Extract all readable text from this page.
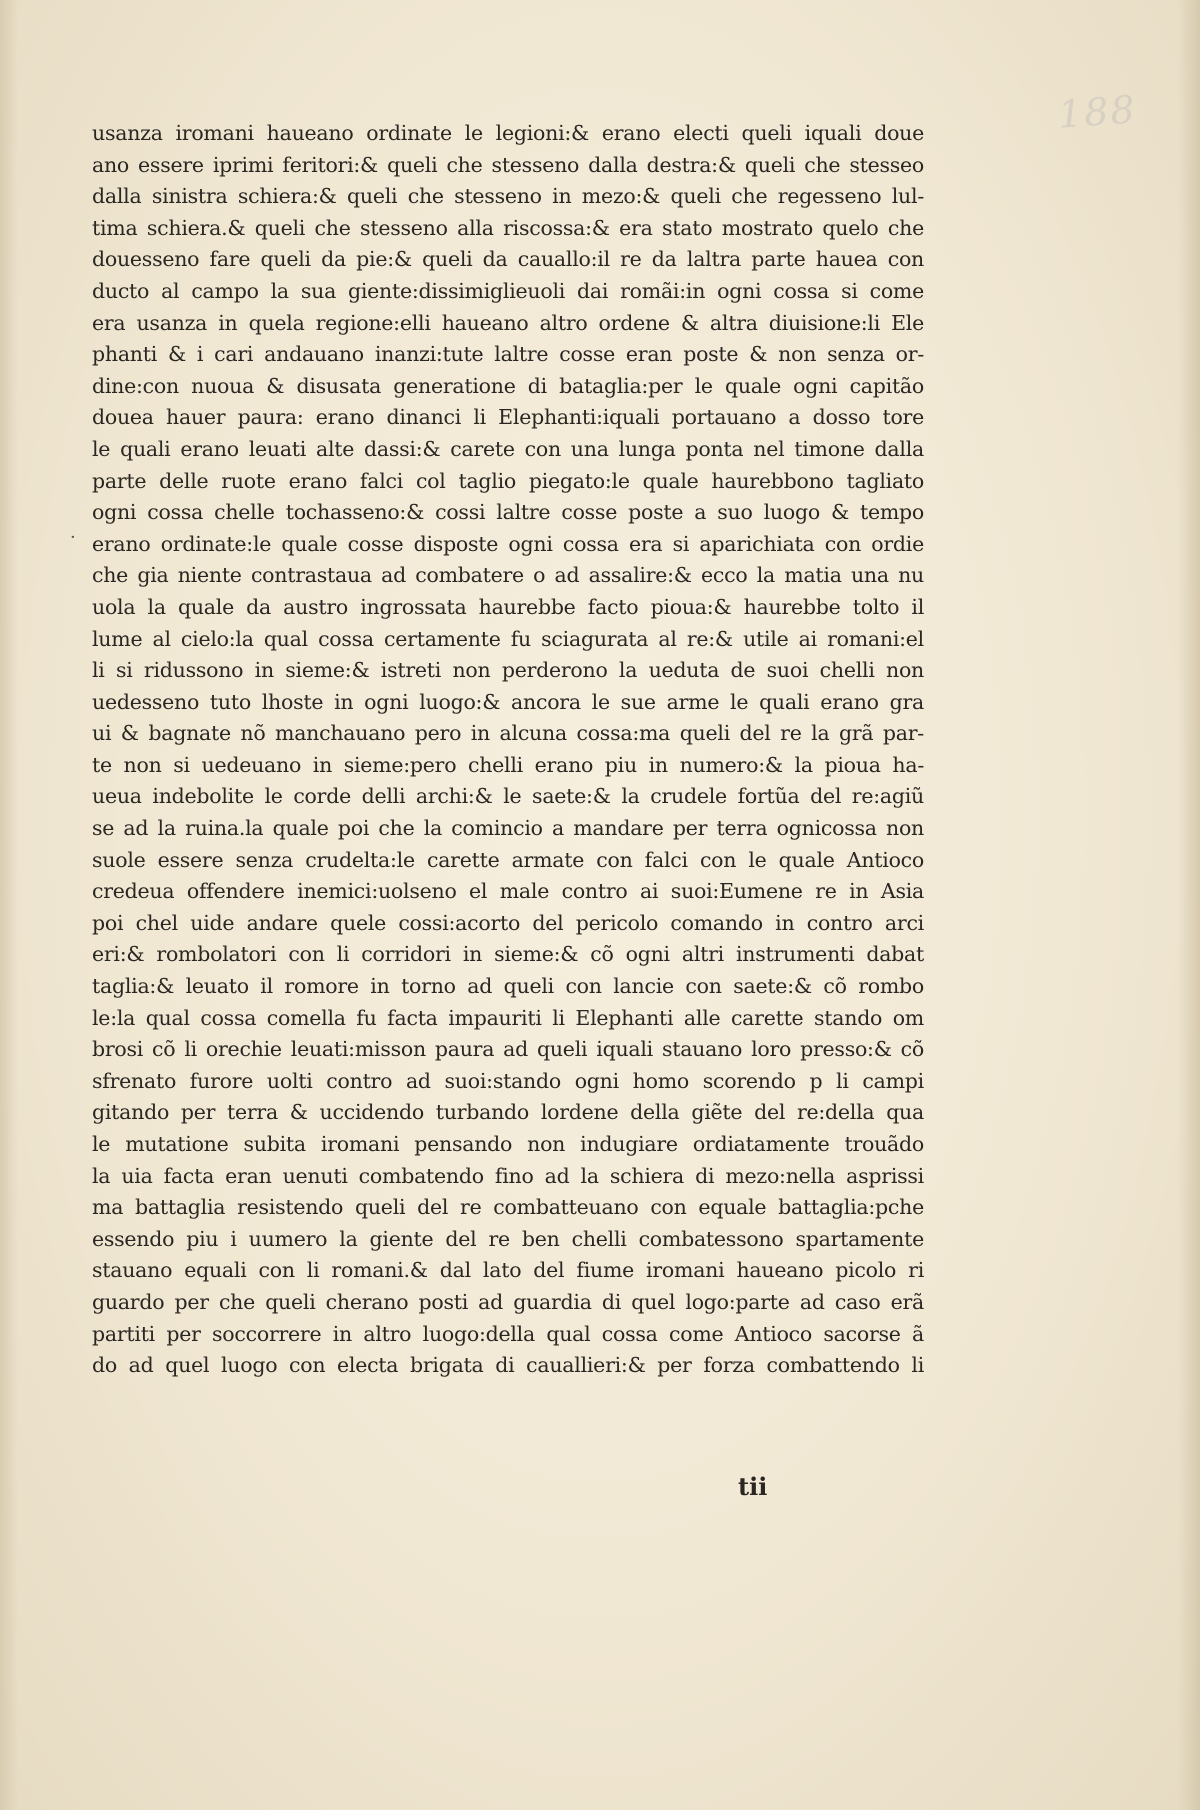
188
·
usanza iromani haueano ordinate le legioni:& erano electi queli iquali doue
ano essere iprimi feritori:& queli che stesseno dalla destra:& queli che stesseo
dalla sinistra schiera:& queli che stesseno in mezo:& queli che regesseno lul-
tima schiera.& queli che stesseno alla riscossa:& era stato mostrato quelo che
douesseno fare queli da pie:& queli da cauallo:il re da laltra parte hauea con
ducto al campo la sua giente:dissimiglieuoli dai romãi:in ogni cossa si come
era usanza in quela regione:elli haueano altro ordene & altra diuisione:li Ele
phanti & i cari andauano inanzi:tute laltre cosse eran poste & non senza or-
dine:con nuoua & disusata generatione di bataglia:per le quale ogni capitão
douea hauer paura: erano dinanci li Elephanti:iquali portauano a dosso tore
le quali erano leuati alte dassi:& carete con una lunga ponta nel timone dalla
parte delle ruote erano falci col taglio piegato:le quale haurebbono tagliato
ogni cossa chelle tochasseno:& cossi laltre cosse poste a suo luogo & tempo
erano ordinate:le quale cosse disposte ogni cossa era si aparichiata con ordie
che gia niente contrastaua ad combatere o ad assalire:& ecco la matia una nu
uola la quale da austro ingrossata haurebbe facto pioua:& haurebbe tolto il
lume al cielo:la qual cossa certamente fu sciagurata al re:& utile ai romani:el
li si ridussono in sieme:& istreti non perderono la ueduta de suoi chelli non
uedesseno tuto lhoste in ogni luogo:& ancora le sue arme le quali erano gra
ui & bagnate nõ manchauano pero in alcuna cossa:ma queli del re la grã par-
te non si uedeuano in sieme:pero chelli erano piu in numero:& la pioua ha-
ueua indebolite le corde delli archi:& le saete:& la crudele fortũa del re:agiũ
se ad la ruina.la quale poi che la comincio a mandare per terra ognicossa non
suole essere senza crudelta:le carette armate con falci con le quale Antioco
credeua offendere inemici:uolseno el male contro ai suoi:Eumene re in Asia
poi chel uide andare quele cossi:acorto del pericolo comando in contro arci
eri:& rombolatori con li corridori in sieme:& cõ ogni altri instrumenti dabat
taglia:& leuato il romore in torno ad queli con lancie con saete:& cõ rombo
le:la qual cossa comella fu facta impauriti li Elephanti alle carette stando om
brosi cõ li orechie leuati:misson paura ad queli iquali stauano loro presso:& cõ
sfrenato furore uolti contro ad suoi:stando ogni homo scorendo p li campi
gitando per terra & uccidendo turbando lordene della giẽte del re:della qua
le mutatione subita iromani pensando non indugiare ordiatamente trouãdo
la uia facta eran uenuti combatendo fino ad la schiera di mezo:nella asprissi
ma battaglia resistendo queli del re combatteuano con equale battaglia:pche
essendo piu i uumero la giente del re ben chelli combatessono spartamente
stauano equali con li romani.& dal lato del fiume iromani haueano picolo ri
guardo per che queli cherano posti ad guardia di quel logo:parte ad caso erã
partiti per soccorrere in altro luogo:della qual cossa come Antioco sacorse ã
do ad quel luogo con electa brigata di cauallieri:& per forza combattendo li
tii
